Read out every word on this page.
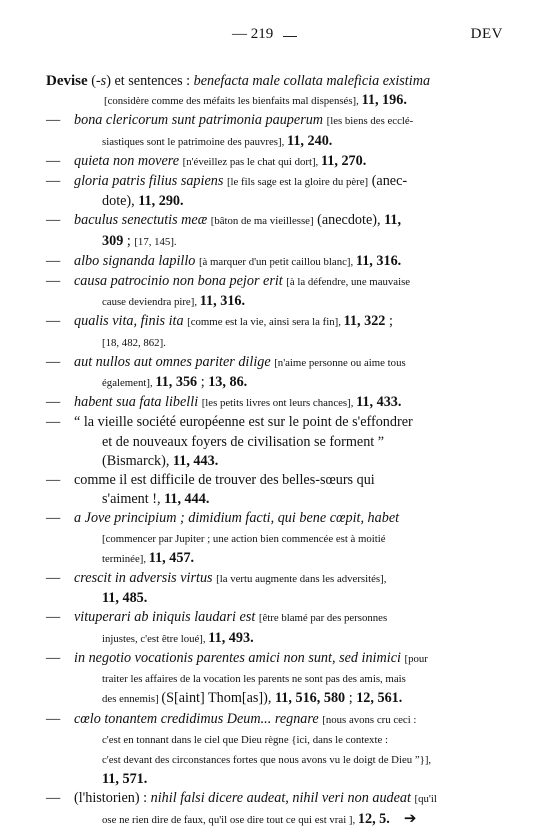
— 219	DEV
Devise (-s) et sentences : benefacta male collata maleficia existima
[considère comme des méfaits les bienfaits mal dispensés], 11, 196.
— bona clericorum sunt patrimonia pauperum [les biens des ecclé-
siastiques sont le patrimoine des pauvres], 11, 240.
— quieta non movere [n'éveillez pas le chat qui dort], 11, 270.
— gloria patris filius sapiens [le fils sage est la gloire du père] (anec-
dote), 11, 290.
— baculus senectutis meæ [bâton de ma vieillesse] (anecdote), 11,
309 ; [17, 145].
— albo signanda lapillo [à marquer d'un petit caillou blanc], 11, 316.
— causa patrocinio non bona pejor erit [à la défendre, une mauvaise
cause deviendra pire], 11, 316.
— qualis vita, finis ita [comme est la vie, ainsi sera la fin], 11, 322 ;
[18, 482, 862].
— aut nullos aut omnes pariter dilige [n'aime personne ou aime tous
également], 11, 356 ; 13, 86.
— habent sua fata libelli [les petits livres ont leurs chances], 11, 433.
— “ la vieille société européenne est sur le point de s'effondrer
et de nouveaux foyers de civilisation se forment ”
(Bismarck), 11, 443.
— comme il est difficile de trouver des belles-sœurs qui
s'aiment !, 11, 444.
— a Jove principium ; dimidium facti, qui bene cœpit, habet
[commencer par Jupiter ; une action bien commencée est à moitié
terminée], 11, 457.
— crescit in adversis virtus [la vertu augmente dans les adversités],
11, 485.
— vituperari ab iniquis laudari est [être blamé par des personnes
injustes, c'est être loué], 11, 493.
— in negotio vocationis parentes amici non sunt, sed inimici [pour
traiter les affaires de la vocation les parents ne sont pas des amis, mais
des ennemis] (S[aint] Thom[as]), 11, 516, 580 ; 12, 561.
— cœlo tonantem credidimus Deum... regnare [nous avons cru ceci :
c'est en tonnant dans le ciel que Dieu règne {ici, dans le contexte :
c'est devant des circonstances fortes que nous avons vu le doigt de Dieu ”}],
11, 571.
— (l'historien) : nihil falsi dicere audeat, nihil veri non audeat [qu'il
ose ne rien dire de faux, qu'il ose dire tout ce qui est vrai ], 12, 5. ➔
